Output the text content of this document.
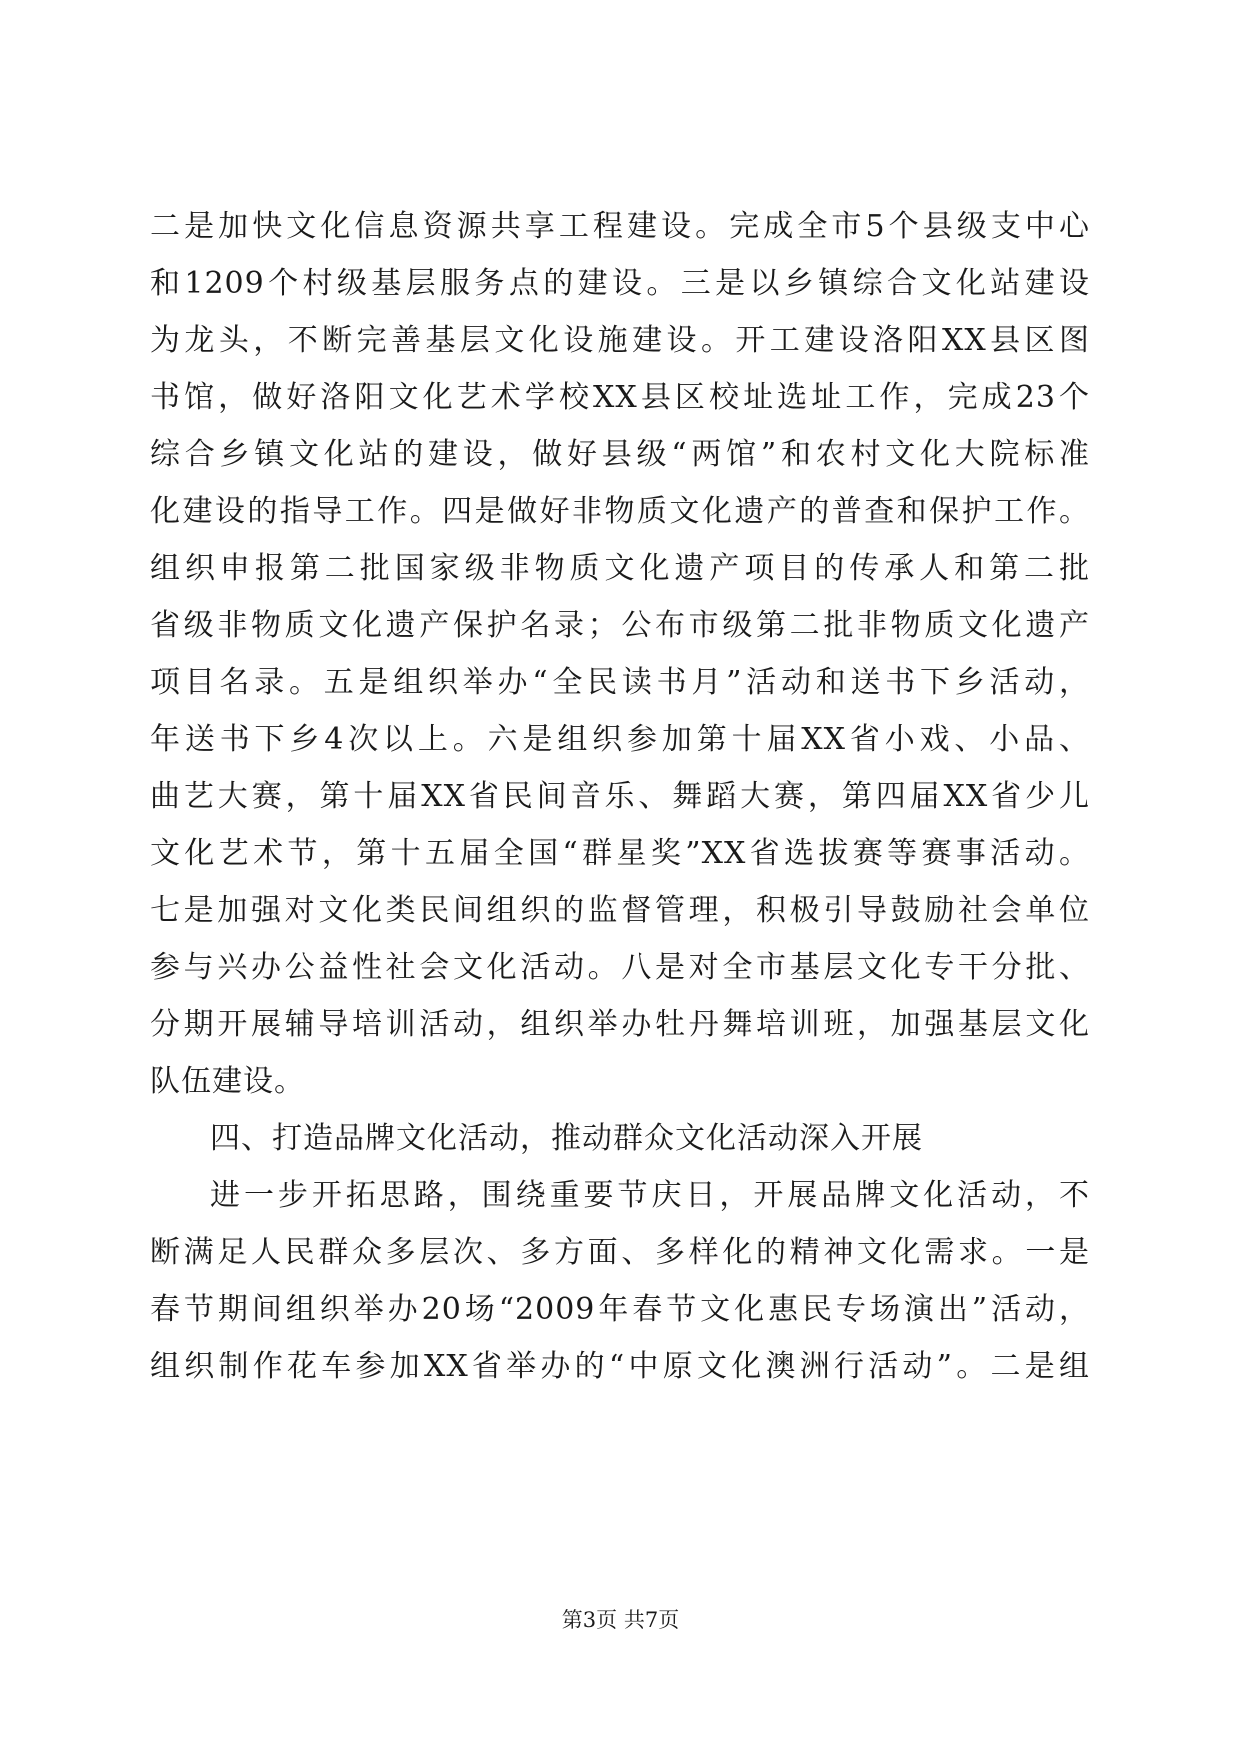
二是加快文化信息资源共享工程建设。完成全市5个县级支中心
和1209个村级基层服务点的建设。三是以乡镇综合文化站建设
为龙头，不断完善基层文化设施建设。开工建设洛阳XX县区图
书馆，做好洛阳文化艺术学校XX县区校址选址工作，完成23个
综合乡镇文化站的建设，做好县级“两馆”和农村文化大院标准
化建设的指导工作。四是做好非物质文化遗产的普查和保护工作。
组织申报第二批国家级非物质文化遗产项目的传承人和第二批
省级非物质文化遗产保护名录；公布市级第二批非物质文化遗产
项目名录。五是组织举办“全民读书月”活动和送书下乡活动，
年送书下乡4次以上。六是组织参加第十届XX省小戏、小品、
曲艺大赛，第十届XX省民间音乐、舞蹈大赛，第四届XX省少儿
文化艺术节，第十五届全国“群星奖”XX省选拔赛等赛事活动。
七是加强对文化类民间组织的监督管理，积极引导鼓励社会单位
参与兴办公益性社会文化活动。八是对全市基层文化专干分批、
分期开展辅导培训活动，组织举办牡丹舞培训班，加强基层文化
队伍建设。
四、打造品牌文化活动，推动群众文化活动深入开展
进一步开拓思路，围绕重要节庆日，开展品牌文化活动，不
断满足人民群众多层次、多方面、多样化的精神文化需求。一是
春节期间组织举办20场“2009年春节文化惠民专场演出”活动，
组织制作花车参加XX省举办的“中原文化澳洲行活动”。二是组
第3页 共7页
